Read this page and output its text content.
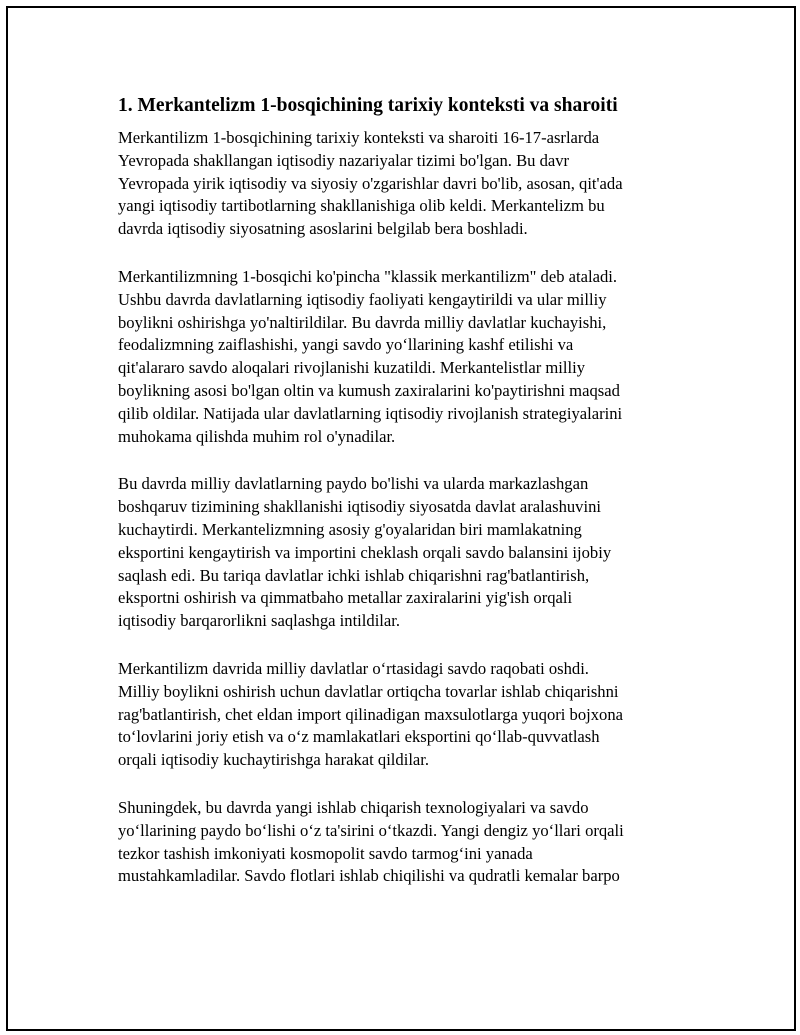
1. Merkantelizm 1-bosqichining tarixiy konteksti va sharoiti

Merkantilizm 1-bosqichining tarixiy konteksti va sharoiti 16-17-asrlarda
Yevropada shakllangan iqtisodiy nazariyalar tizimi bo'lgan. Bu davr
Yevropada yirik iqtisodiy va siyosiy o'zgarishlar davri bo'lib, asosan, qit'ada
yangi iqtisodiy tartibotlarning shakllanishiga olib keldi. Merkantelizm bu
davrda iqtisodiy siyosatning asoslarini belgilab bera boshladi.

Merkantilizmning 1-bosqichi ko'pincha "klassik merkantilizm" deb ataladi.
Ushbu davrda davlatlarning iqtisodiy faoliyati kengaytirildi va ular milliy
boylikni oshirishga yo'naltirildilar. Bu davrda milliy davlatlar kuchayishi,
feodalizmning zaiflashishi, yangi savdo yo‘llarining kashf etilishi va
qit'alararo savdo aloqalari rivojlanishi kuzatildi. Merkantelistlar milliy
boylikning asosi bo'lgan oltin va kumush zaxiralarini ko'paytirishni maqsad
qilib oldilar. Natijada ular davlatlarning iqtisodiy rivojlanish strategiyalarini
muhokama qilishda muhim rol o'ynadilar.

Bu davrda milliy davlatlarning paydo bo'lishi va ularda markazlashgan
boshqaruv tizimining shakllanishi iqtisodiy siyosatda davlat aralashuvini
kuchaytirdi. Merkantelizmning asosiy g'oyalaridan biri mamlakatning
eksportini kengaytirish va importini cheklash orqali savdo balansini ijobiy
saqlash edi. Bu tariqa davlatlar ichki ishlab chiqarishni rag'batlantirish,
eksportni oshirish va qimmatbaho metallar zaxiralarini yig'ish orqali
iqtisodiy barqarorlikni saqlashga intildilar.

Merkantilizm davrida milliy davlatlar o‘rtasidagi savdo raqobati oshdi.
Milliy boylikni oshirish uchun davlatlar ortiqcha tovarlar ishlab chiqarishni
rag'batlantirish, chet eldan import qilinadigan maxsulotlarga yuqori bojxona
to‘lovlarini joriy etish va o‘z mamlakatlari eksportini qo‘llab-quvvatlash
orqali iqtisodiy kuchaytirishga harakat qildilar.

Shuningdek, bu davrda yangi ishlab chiqarish texnologiyalari va savdo
yo‘llarining paydo bo‘lishi o‘z ta'sirini o‘tkazdi. Yangi dengiz yo‘llari orqali
tezkor tashish imkoniyati kosmopolit savdo tarmog‘ini yanada
mustahkamladilar. Savdo flotlari ishlab chiqilishi va qudratli kemalar barpo
